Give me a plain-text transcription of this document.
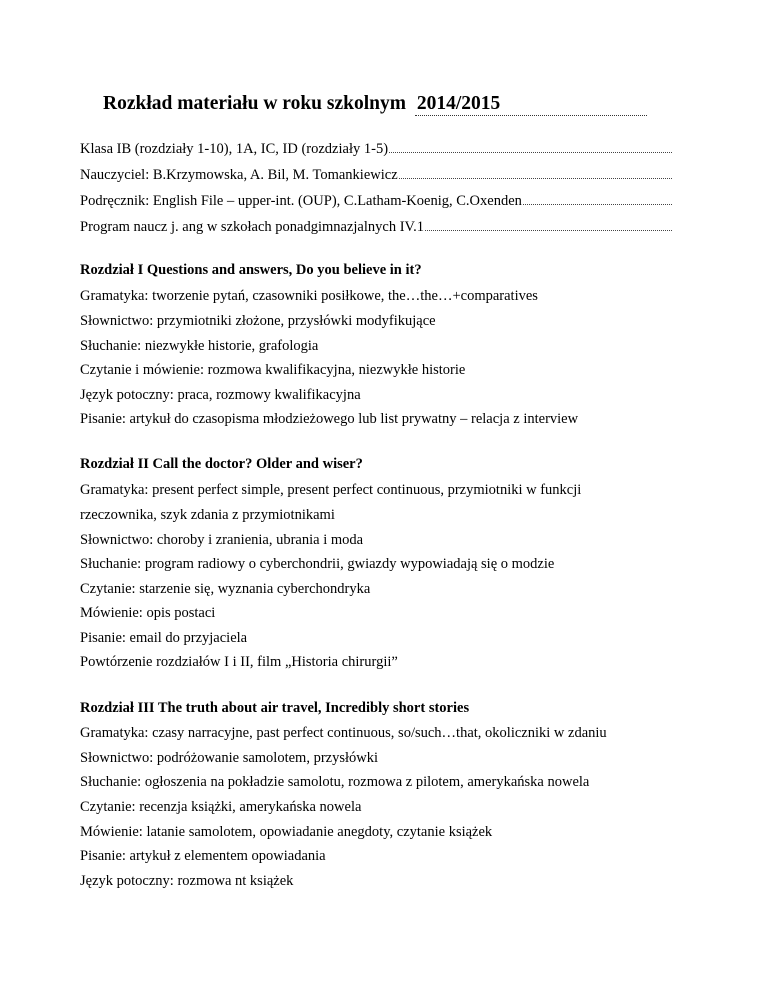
Rozkład materiału w roku szkolnym 2014/2015
Klasa IB (rozdziały 1-10), 1A, IC, ID (rozdziały 1-5)
Nauczyciel: B.Krzymowska, A. Bil, M. Tomankiewicz
Podręcznik: English File – upper-int. (OUP), C.Latham-Koenig, C.Oxenden
Program naucz j. ang w szkołach ponadgimnazjalnych IV.1
Rozdział I Questions and answers, Do you believe in it?
Gramatyka: tworzenie pytań, czasowniki posiłkowe, the…the…+comparatives
Słownictwo: przymiotniki złożone, przysłówki modyfikujące
Słuchanie: niezwykłe historie, grafologia
Czytanie i mówienie: rozmowa kwalifikacyjna, niezwykłe historie
Język potoczny: praca, rozmowy kwalifikacyjna
Pisanie: artykuł do czasopisma młodzieżowego lub list prywatny – relacja z interview
Rozdział II Call the doctor? Older and wiser?
Gramatyka: present perfect simple, present perfect continuous, przymiotniki w funkcji
rzeczownika, szyk zdania z przymiotnikami
Słownictwo: choroby i zranienia, ubrania i moda
Słuchanie: program radiowy o cyberchondrii, gwiazdy wypowiadają się o modzie
Czytanie: starzenie się, wyznania cyberchondryka
Mówienie: opis postaci
Pisanie: email do przyjaciela
Powtórzenie rozdziałów I i II, film „Historia chirurgii”
Rozdział III The truth about air travel, Incredibly short stories
Gramatyka: czasy narracyjne, past perfect continuous, so/such…that, okoliczniki w zdaniu
Słownictwo: podróżowanie samolotem, przysłówki
Słuchanie: ogłoszenia na pokładzie samolotu, rozmowa z pilotem, amerykańska nowela
Czytanie: recenzja książki, amerykańska nowela
Mówienie: latanie samolotem, opowiadanie anegdoty, czytanie książek
Pisanie: artykuł z elementem opowiadania
Język potoczny: rozmowa nt książek
